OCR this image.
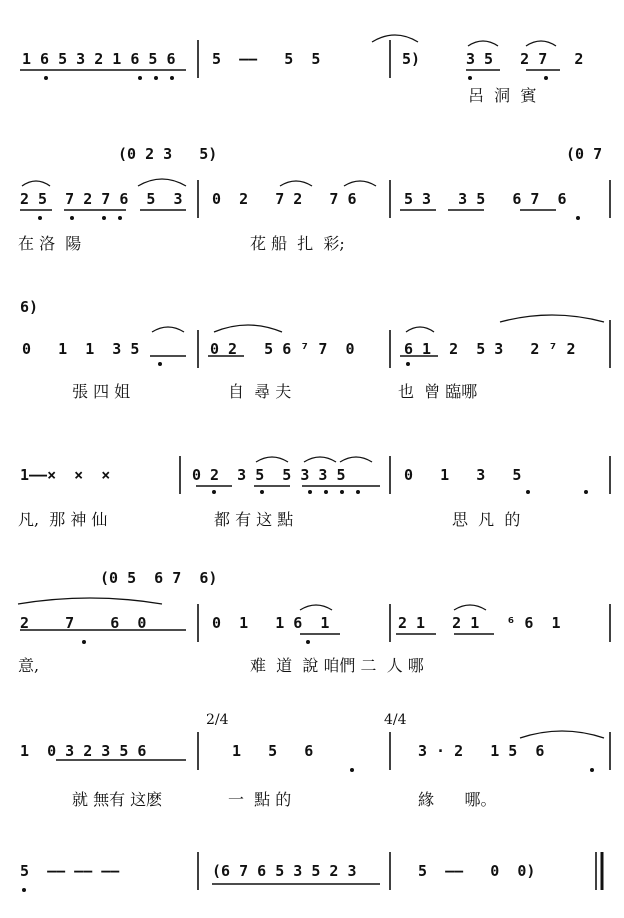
1 6 5 3 2 1 6 5 6 5  ——   5  5	5)	3 5   2 7   2
呂  洞  賓
(0 2 3   5)	(0 7
2 5  7 2 7 6  5  3 0  2   7 2   7 6	5 3   3 5   6 7  6
在 洛  陽	花 船  扎  彩;
6)
0   1  1  3 5	0 2   5 6 ⁷ 7  0	6 1  2  5 3   2 ⁷ 2
張 四 姐	自  尋 夫	也  曾 臨哪
1——×  ×  ×	0 2  3 5  5 3 3 5	0   1   3   5
凡,  那 神 仙	都 有 这 點	思  凡  的
(0 5  6 7  6)
2    7    6  0	0  1   1 6  1	2 1   2 1   ⁶ 6  1
意,	难  道  說 咱們 二  人 哪
2/4	4/4
1  0 3 2 3 5 6	1   5   6	3 · 2   1 5  6
就 無有 这麽	一  點 的	緣      哪。
5  —— —— ——	(6 7 6 5 3 5 2 3	5  ——   0  0)
